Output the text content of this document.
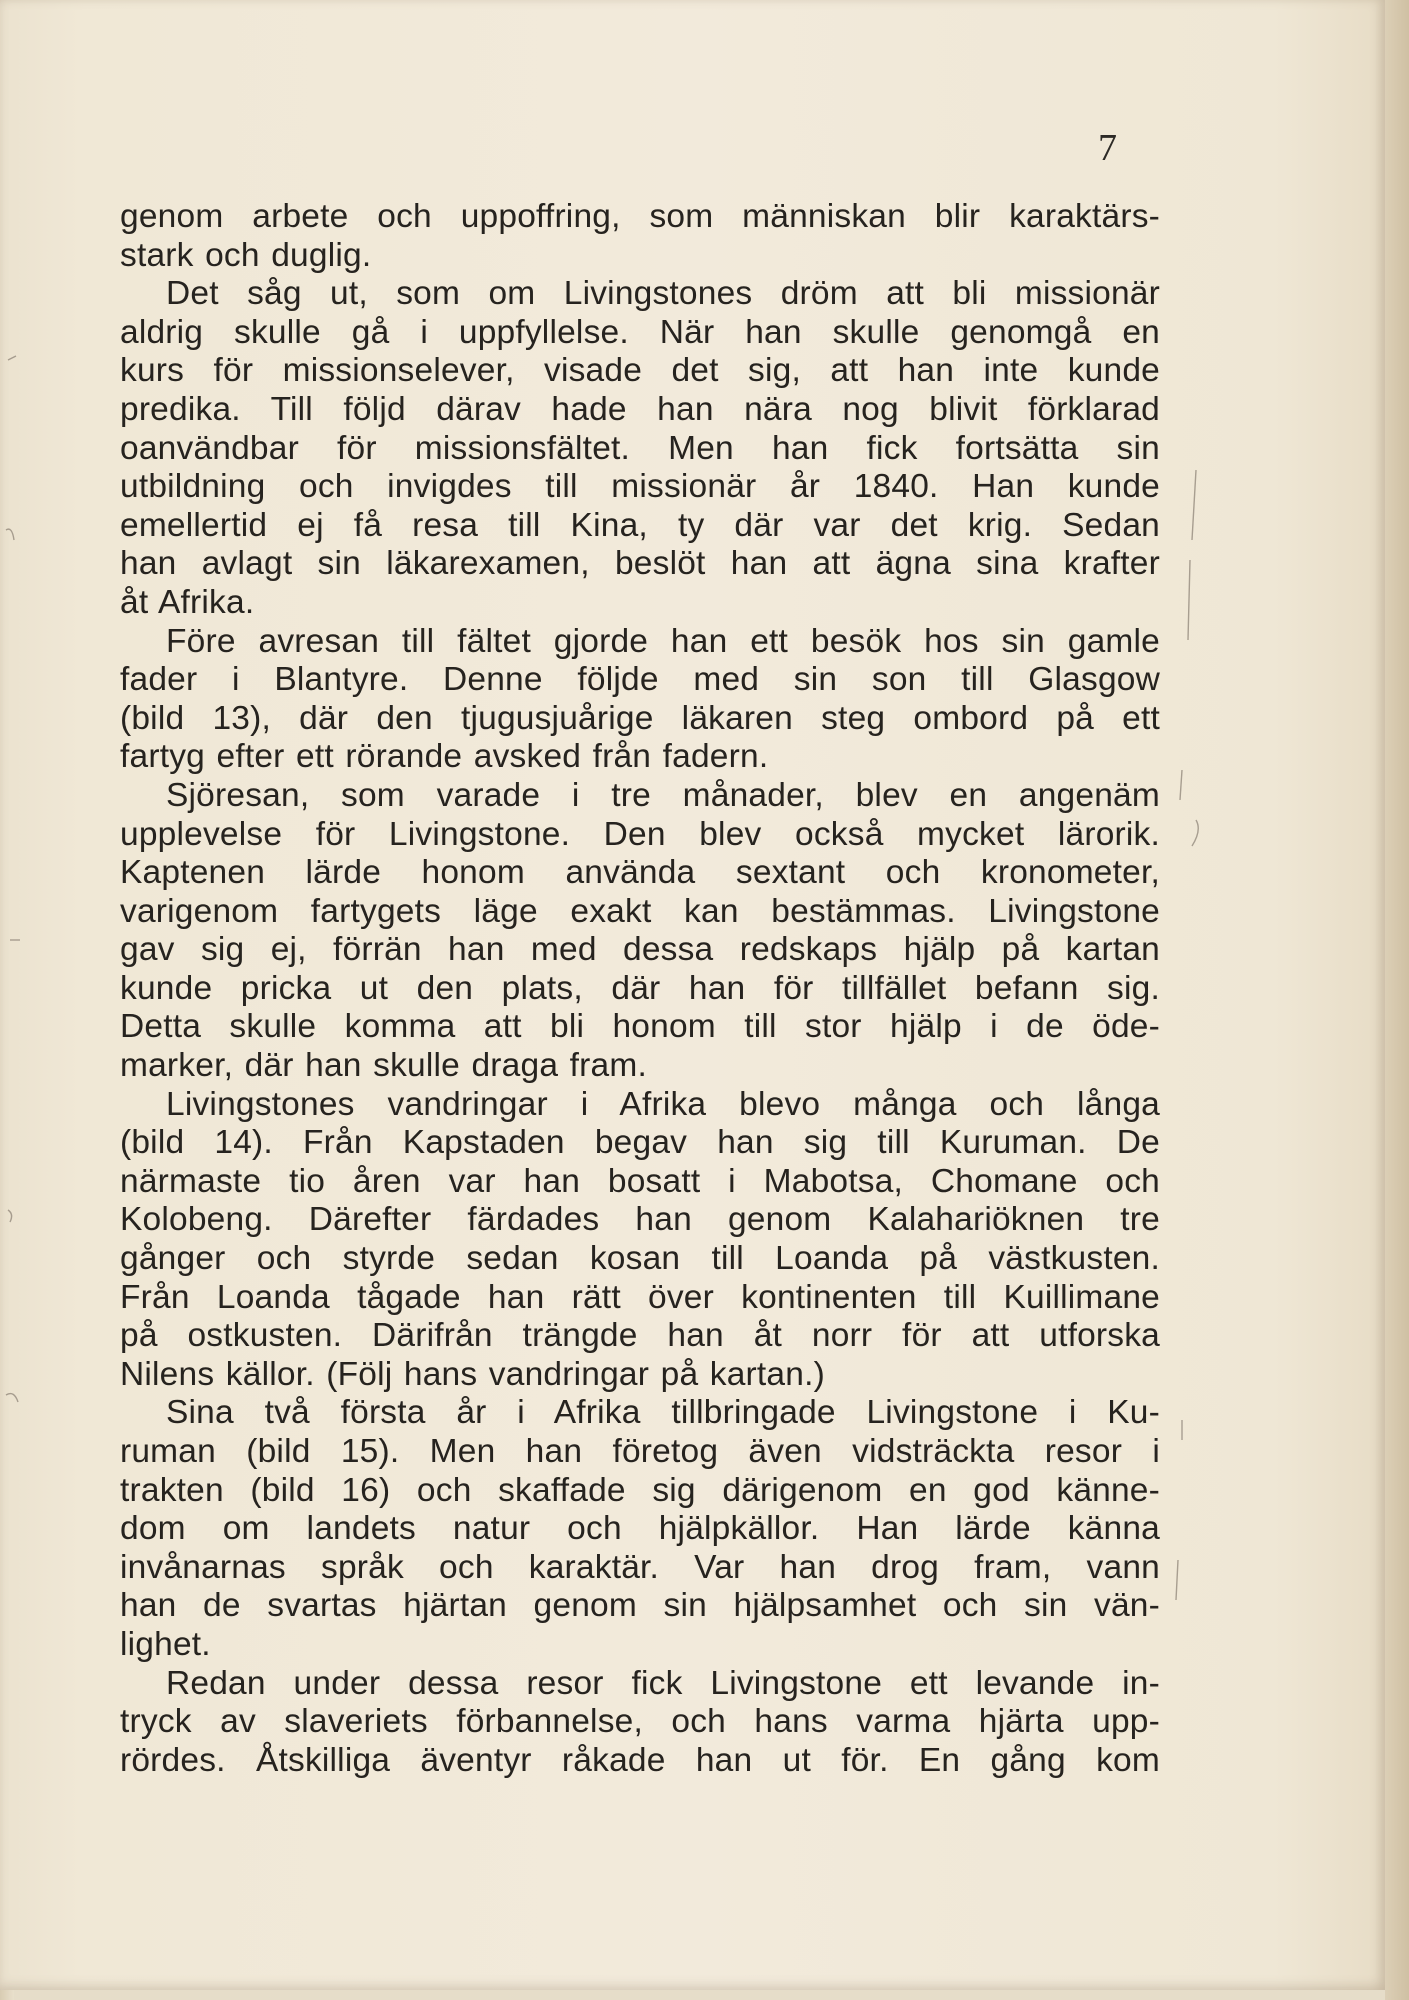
7
genom arbete och uppoffring, som människan blir karaktärs-
stark och duglig.
Det såg ut, som om Livingstones dröm att bli missionär
aldrig skulle gå i uppfyllelse. När han skulle genomgå en
kurs för missionselever, visade det sig, att han inte kunde
predika. Till följd därav hade han nära nog blivit förklarad
oanvändbar för missionsfältet. Men han fick fortsätta sin
utbildning och invigdes till missionär år 1840. Han kunde
emellertid ej få resa till Kina, ty där var det krig. Sedan
han avlagt sin läkarexamen, beslöt han att ägna sina krafter
åt Afrika.
Före avresan till fältet gjorde han ett besök hos sin gamle
fader i Blantyre. Denne följde med sin son till Glasgow
(bild 13), där den tjugusjuårige läkaren steg ombord på ett
fartyg efter ett rörande avsked från fadern.
Sjöresan, som varade i tre månader, blev en angenäm
upplevelse för Livingstone. Den blev också mycket lärorik.
Kaptenen lärde honom använda sextant och kronometer,
varigenom fartygets läge exakt kan bestämmas. Livingstone
gav sig ej, förrän han med dessa redskaps hjälp på kartan
kunde pricka ut den plats, där han för tillfället befann sig.
Detta skulle komma att bli honom till stor hjälp i de öde-
marker, där han skulle draga fram.
Livingstones vandringar i Afrika blevo många och långa
(bild 14). Från Kapstaden begav han sig till Kuruman. De
närmaste tio åren var han bosatt i Mabotsa, Chomane och
Kolobeng. Därefter färdades han genom Kalahariöknen tre
gånger och styrde sedan kosan till Loanda på västkusten.
Från Loanda tågade han rätt över kontinenten till Kuillimane
på ostkusten. Därifrån trängde han åt norr för att utforska
Nilens källor. (Följ hans vandringar på kartan.)
Sina två första år i Afrika tillbringade Livingstone i Ku-
ruman (bild 15). Men han företog även vidsträckta resor i
trakten (bild 16) och skaffade sig därigenom en god känne-
dom om landets natur och hjälpkällor. Han lärde känna
invånarnas språk och karaktär. Var han drog fram, vann
han de svartas hjärtan genom sin hjälpsamhet och sin vän-
lighet.
Redan under dessa resor fick Livingstone ett levande in-
tryck av slaveriets förbannelse, och hans varma hjärta upp-
rördes. Åtskilliga äventyr råkade han ut för. En gång kom
